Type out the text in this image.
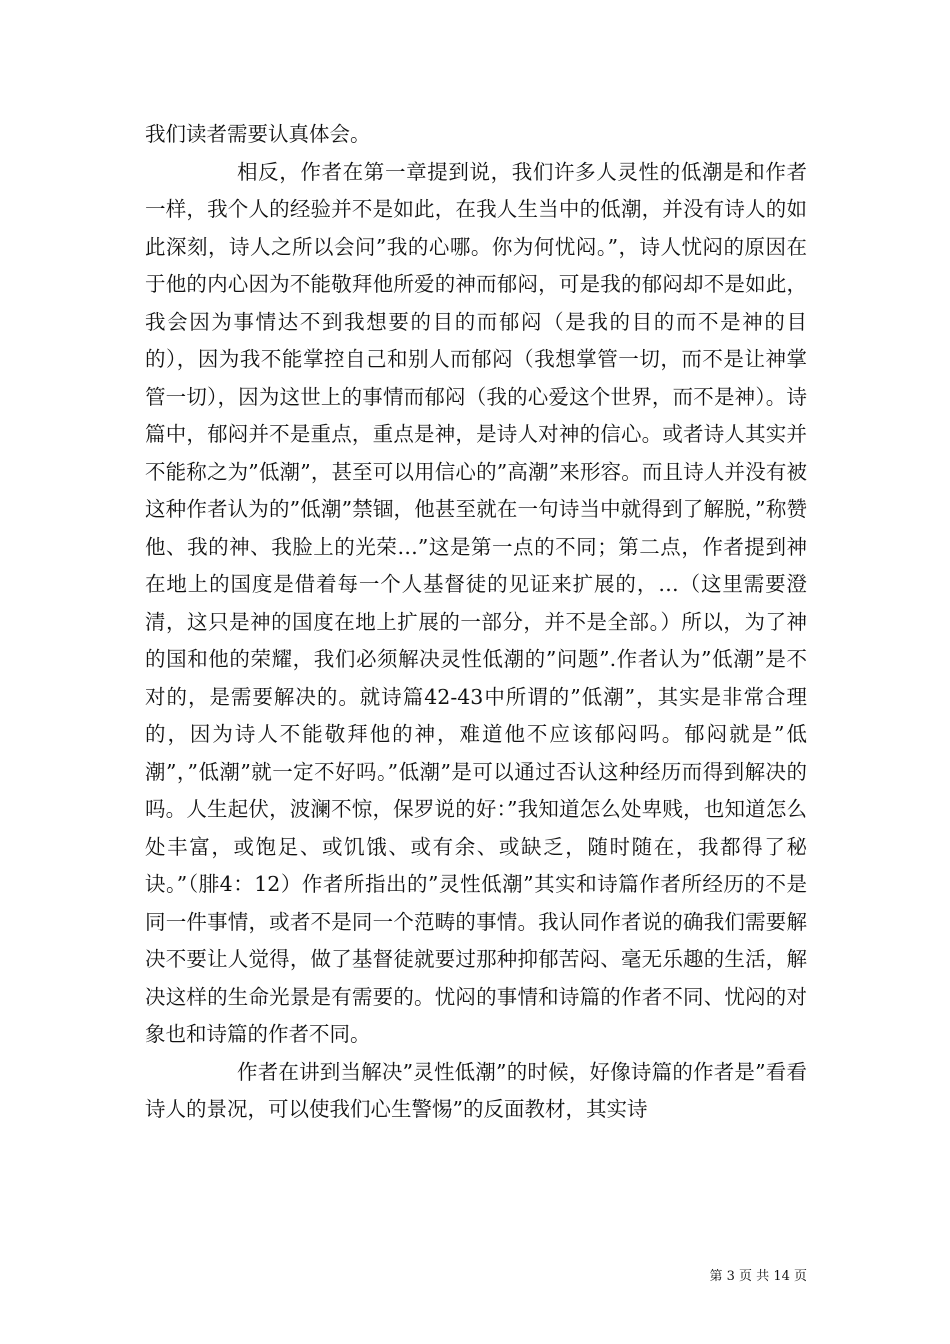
我们读者需要认真体会。

相反，作者在第一章提到说，我们许多人灵性的低潮是和作者一样，我个人的经验并不是如此，在我人生当中的低潮，并没有诗人的如此深刻，诗人之所以会问”我的心哪。你为何忧闷。”，诗人忧闷的原因在于他的内心因为不能敬拜他所爱的神而郁闷，可是我的郁闷却不是如此，我会因为事情达不到我想要的目的而郁闷（是我的目的而不是神的目的），因为我不能掌控自己和别人而郁闷（我想掌管一切，而不是让神掌管一切），因为这世上的事情而郁闷（我的心爱这个世界，而不是神）。诗篇中，郁闷并不是重点，重点是神，是诗人对神的信心。或者诗人其实并不能称之为”低潮”，甚至可以用信心的”高潮”来形容。而且诗人并没有被这种作者认为的”低潮”禁锢，他甚至就在一句诗当中就得到了解脱，”称赞他、我的神、我脸上的光荣…”这是第一点的不同；第二点，作者提到神在地上的国度是借着每一个人基督徒的见证来扩展的，…（这里需要澄清，这只是神的国度在地上扩展的一部分，并不是全部。）所以，为了神的国和他的荣耀，我们必须解决灵性低潮的”问题”.作者认为”低潮”是不对的，是需要解决的。就诗篇42-43中所谓的”低潮”，其实是非常合理的，因为诗人不能敬拜他的神，难道他不应该郁闷吗。郁闷就是”低潮”，”低潮”就一定不好吗。”低潮”是可以通过否认这种经历而得到解决的吗。人生起伏，波澜不惊，保罗说的好：”我知道怎么处卑贱，也知道怎么处丰富，或饱足、或饥饿、或有余、或缺乏，随时随在，我都得了秘诀。”（腓4：12）作者所指出的”灵性低潮”其实和诗篇作者所经历的不是同一件事情，或者不是同一个范畴的事情。我认同作者说的确我们需要解决不要让人觉得，做了基督徒就要过那种抑郁苦闷、毫无乐趣的生活，解决这样的生命光景是有需要的。忧闷的事情和诗篇的作者不同、忧闷的对象也和诗篇的作者不同。

作者在讲到当解决”灵性低潮”的时候，好像诗篇的作者是”看看诗人的景况，可以使我们心生警惕”的反面教材，其实诗

第 3 页 共 14 页
